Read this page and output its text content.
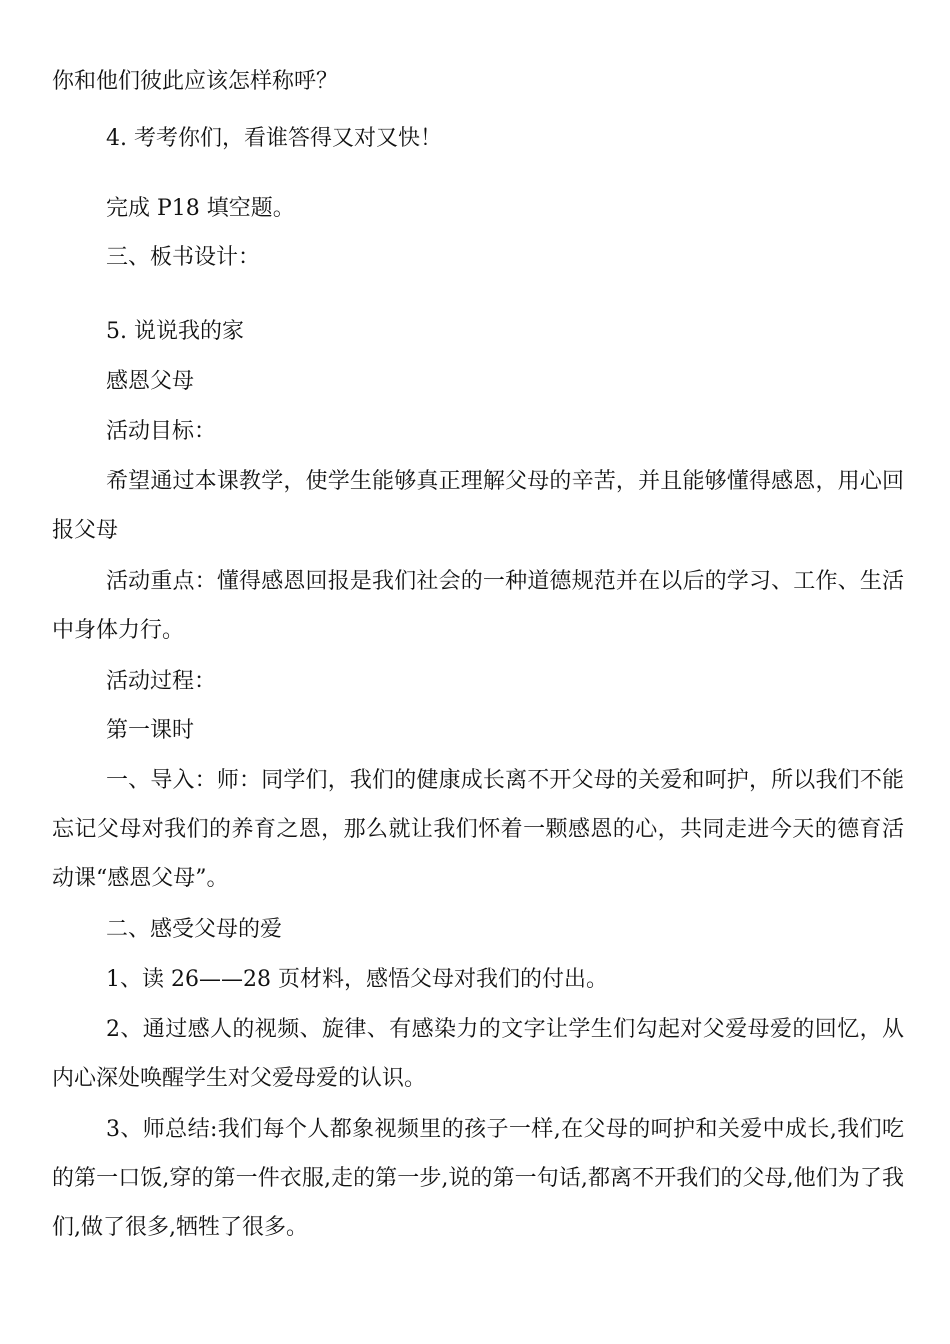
你和他们彼此应该怎样称呼？

4. 考考你们，看谁答得又对又快！

完成 P18 填空题。

三、板书设计：

5. 说说我的家

感恩父母

活动目标：

希望通过本课教学，使学生能够真正理解父母的辛苦，并且能够懂得感恩，用心回报父母

活动重点：懂得感恩回报是我们社会的一种道德规范并在以后的学习、工作、生活中身体力行。

活动过程：

第一课时

一、导入：师：同学们，我们的健康成长离不开父母的关爱和呵护，所以我们不能忘记父母对我们的养育之恩，那么就让我们怀着一颗感恩的心，共同走进今天的德育活动课“感恩父母”。

二、感受父母的爱

1、读 26——28 页材料，感悟父母对我们的付出。

2、通过感人的视频、旋律、有感染力的文字让学生们勾起对父爱母爱的回忆，从内心深处唤醒学生对父爱母爱的认识。

3、师总结:我们每个人都象视频里的孩子一样,在父母的呵护和关爱中成长,我们吃的第一口饭,穿的第一件衣服,走的第一步,说的第一句话,都离不开我们的父母,他们为了我们,做了很多,牺牲了很多。
